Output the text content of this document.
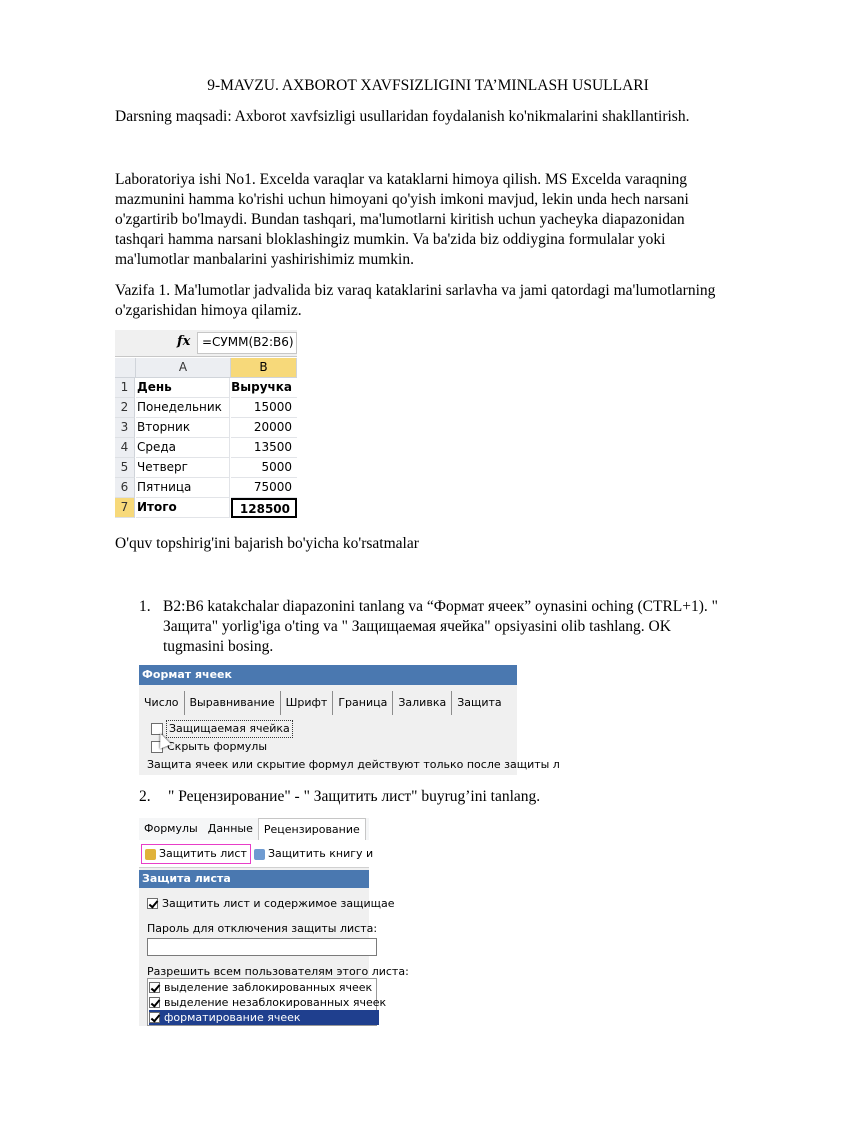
9-MAVZU. AXBOROT XAVFSIZLIGINI TA’MINLASH USULLARI
Darsning maqsadi: Axborot xavfsizligi usullaridan foydalanish ko'nikmalarini shakllantirish.
Laboratoriya ishi No1. Excelda varaqlar va kataklarni himoya qilish. MS Excelda varaqning
mazmunini hamma ko'rishi uchun himoyani qo'yish imkoni mavjud, lekin unda hech narsani
o'zgartirib bo'lmaydi. Bundan tashqari, ma'lumotlarni kiritish uchun yacheyka diapazonidan
tashqari hamma narsani bloklashingiz mumkin. Va ba'zida biz oddiygina formulalar yoki
ma'lumotlar manbalarini yashirishimiz mumkin.
Vazifa 1. Ma'lumotlar jadvalida biz varaq kataklarini sarlavha va jami qatordagi ma'lumotlarning
o'zgarishidan himoya qilamiz.
fx =СУММ(B2:B6)
A	B
1 День	Выручка
2 Понедельник	15000
3 Вторник	20000
4 Среда	13500
5 Четверг	5000
6 Пятница	75000
7 Итого	128500
O'quv topshirig'ini bajarish bo'yicha ko'rsatmalar
1. B2:B6 katakchalar diapazonini tanlang va “Формат ячеек” oynasini oching (CTRL+1). "
Защита" yorlig'iga o'ting va " Защищаемая ячейка" opsiyasini olib tashlang. OK
tugmasini bosing.
Формат ячеек
Число	Выравнивание	Шрифт	Граница	Заливка	Защита
Защищаемая ячейка
Скрыть формулы
Защита ячеек или скрытие формул действуют только после защиты л
2. " Рецензирование" - " Защитить лист" buyrug’ini tanlang.
Формулы Данные	Рецензирование
Защитить лист Защитить книгу и
Защита листа
Защитить лист и содержимое защищае
Пароль для отключения защиты листа:
Разрешить всем пользователям этого листа:
выделение заблокированных ячеек
выделение незаблокированных ячеек
форматирование ячеек
